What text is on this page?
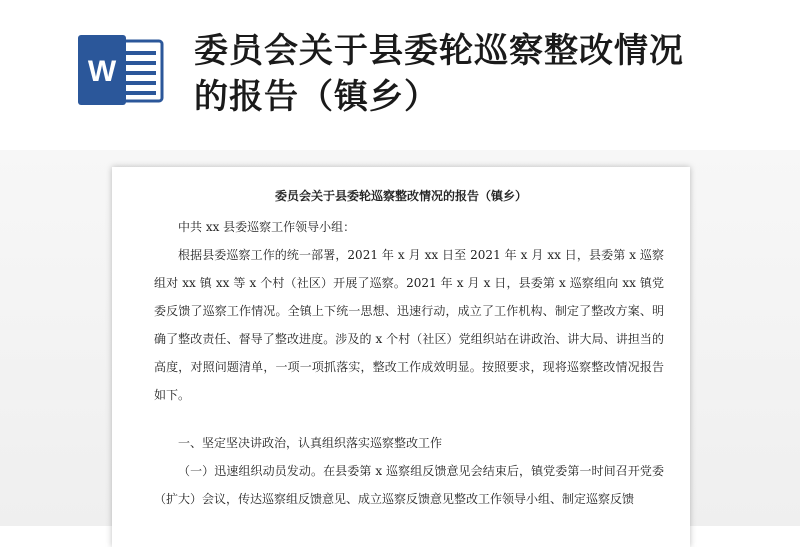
W
委员会关于县委轮巡察整改情况
的报告（镇乡）
委员会关于县委轮巡察整改情况的报告（镇乡）

中共 xx 县委巡察工作领导小组：

根据县委巡察工作的统一部署，2021 年 x 月 xx 日至 2021 年 x 月 xx 日，县委第 x 巡察组对 xx 镇 xx 等 x 个村（社区）开展了巡察。2021 年 x 月 x 日，县委第 x 巡察组向 xx 镇党委反馈了巡察工作情况。全镇上下统一思想、迅速行动，成立了工作机构、制定了整改方案、明确了整改责任、督导了整改进度。涉及的 x 个村（社区）党组织站在讲政治、讲大局、讲担当的高度，对照问题清单，一项一项抓落实，整改工作成效明显。按照要求，现将巡察整改情况报告如下。

一、坚定坚决讲政治，认真组织落实巡察整改工作

（一）迅速组织动员发动。在县委第 x 巡察组反馈意见会结束后，镇党委第一时间召开党委（扩大）会议，传达巡察组反馈意见、成立巡察反馈意见整改工作领导小组、制定巡察反馈
